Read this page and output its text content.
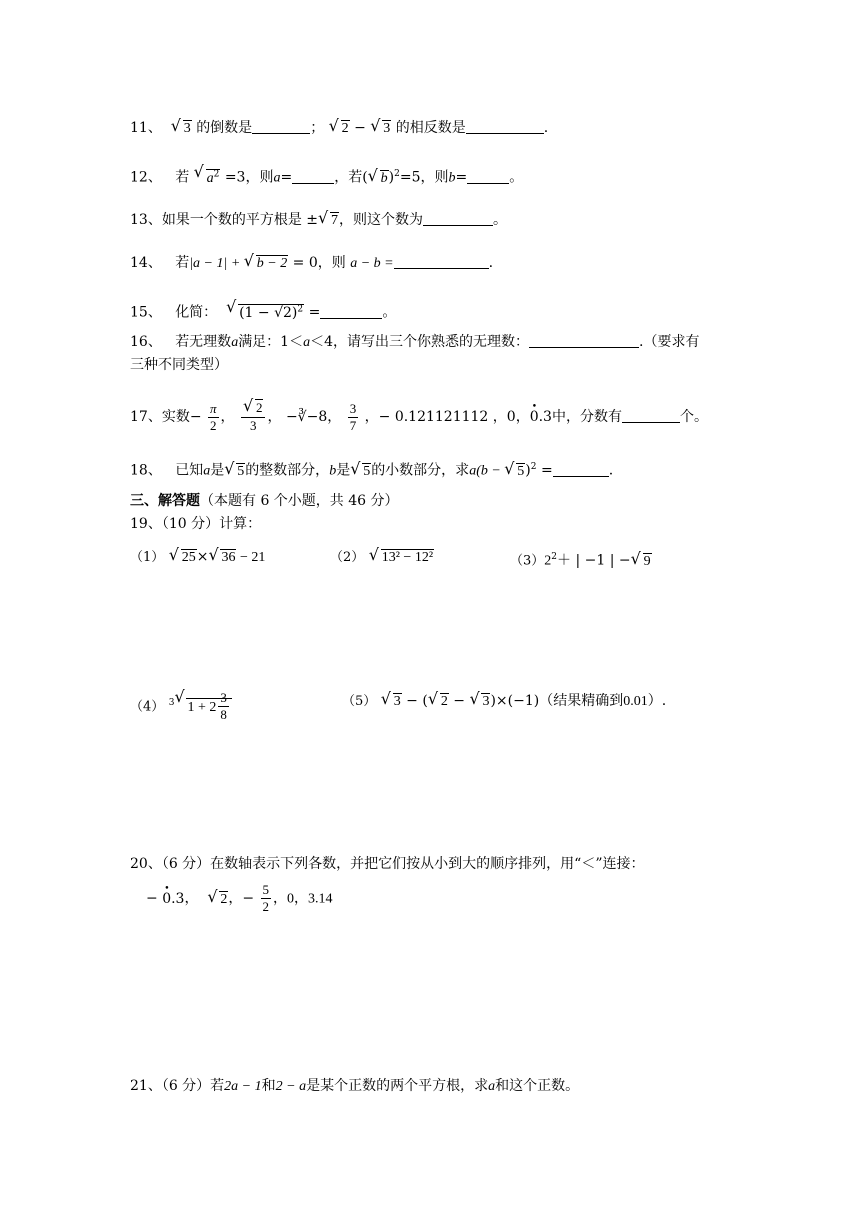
11、 √ 3 的倒数是	； √ 2 − √ 3 的相反数是	.
12、 若 √ $a^2 =3$，则a=	，若( √ b)$^2$=5，则b=	。
13、如果一个数的平方根是 ± √ 7，则这个数为	。
14、 若|a − 1| + √ b − 2 = 0，则 a − b =	.
15、 化简： √ $(1 - √2)^2$ =	。
16、 若无理数a满足：1＜a＜4，请写出三个你熟悉的无理数：	.（要求有
三种不同类型）
17、实数− $\frac{\pi}{2}$ ， √ $\frac{2}{3}$ ， −∛−8， $\frac{3}{7}$ ，− 0.121121112 ，0，0.3 •中，分数有	个。
18、 已知a是 √ 5的整数部分，b是 √ 5的小数部分，求a(b − √ 5)$^2$ =	.
三、解答题（本题有 6 个小题，共 46 分）
19、（10 分）计算：
（1） √ 25× √ 36 − 21	（2） √ 13² − 12²	$(3)2^2+$ | −1 | − √ 9
（4） $^3$ √ $1 + 2 \frac{3}{8}$	（5） √ 3 − ( √ 2 − √ 3)×(−1)（结果精确到0.01）.
20、（6 分）在数轴表示下列各数，并把它们按从小到大的顺序排列，用“＜”连接：
− 0.3 •， √ 2，− $\frac{5}{2}$ ，0，3.14
21、（6 分）若2a − 1和2 − a是某个正数的两个平方根，求a和这个正数。
